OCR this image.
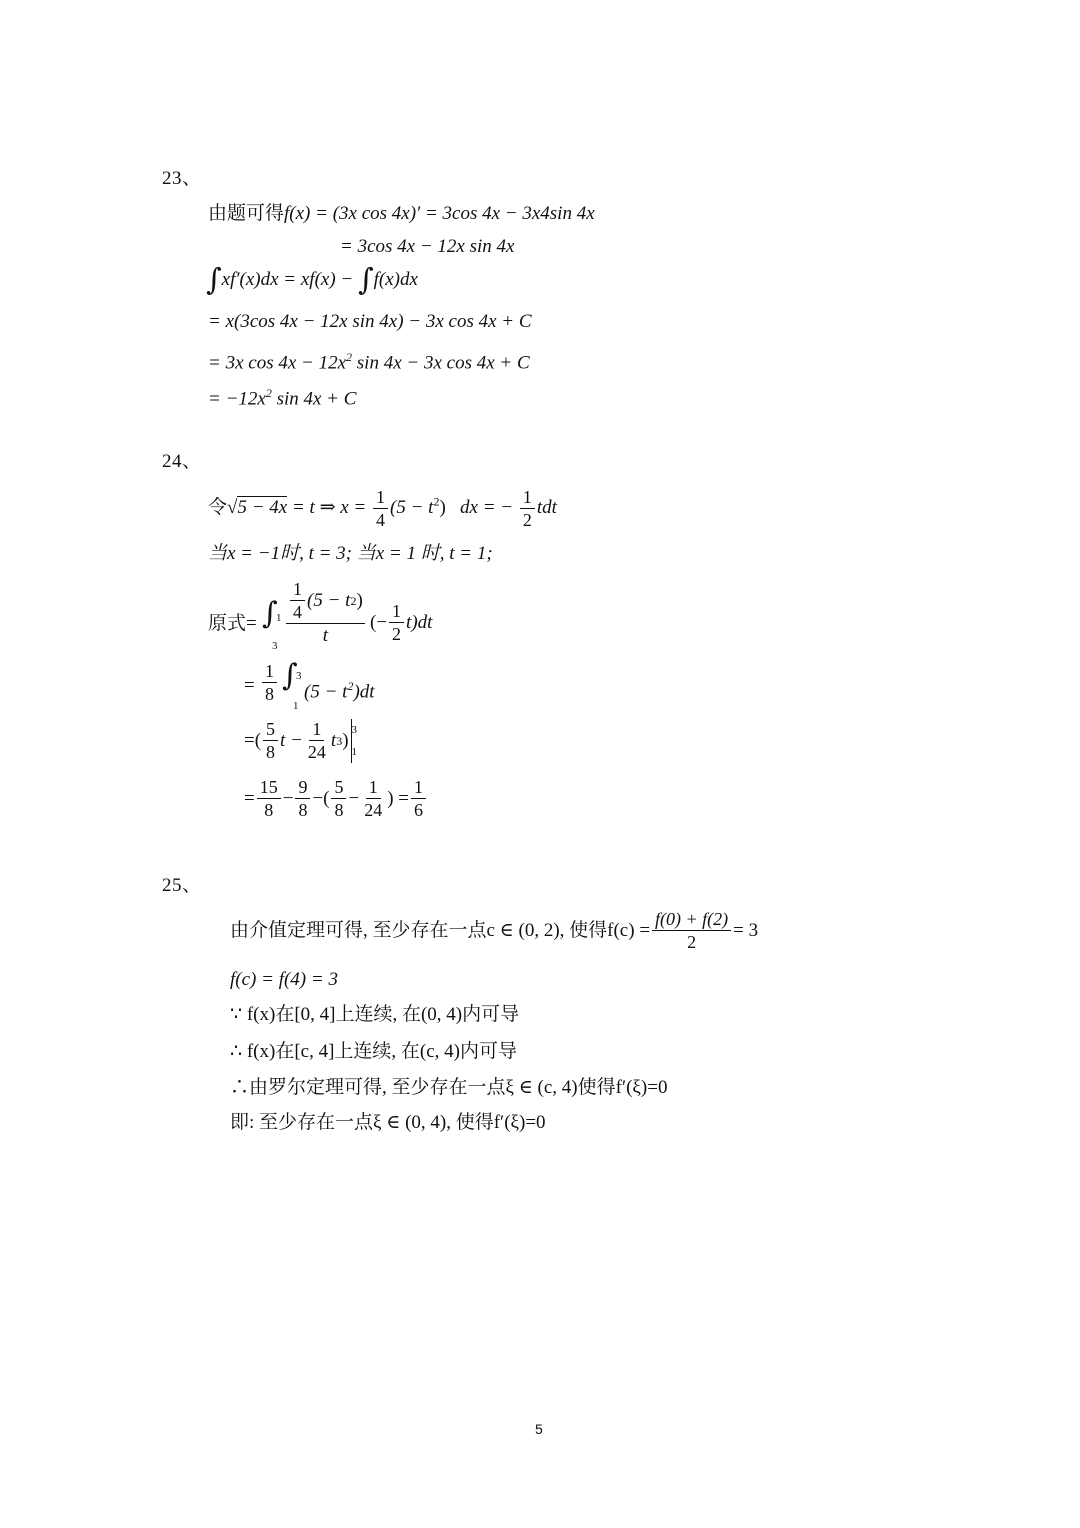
23、
由题可得f(x) = (3x cos 4x)′ = 3cos 4x − 3x4sin 4x
= 3cos 4x − 12x sin 4x
∫xf′(x)dx = xf(x) − ∫f(x)dx
= x(3cos 4x − 12x sin 4x) − 3x cos 4x + C
= 3x $\cos 4x - 12x^2$ sin 4x − 3x cos 4x + C
= $-12x^2$ sin 4x + C
24、
令√5 − 4x = t ⇒ $x = \frac{1}{4} (5 - t^2)$ dx = − $\frac{1}{2}$ tdt
当x = −1时, t = 3; 当x = 1 时, t = 1;
原式= ∫
1
3
$\frac{1}{4} (5 - t$ 2 )
t
(− $\frac{1}{2} t)dt$
= $\frac{1}{8}$ ∫
3
1
$(5 - t^2)dt$
=( $\frac{5}{8}$ $t - \frac{1}{24}$ t 3 ) 3
1
= $\frac{15}{8} - \frac{9}{8}$ −( $\frac{5}{8} - \frac{1}{24}$ ) = $\frac{1}{6}$
25、
由介值定理可得, 至少存在一点c ∈ (0, 2), 使得$f(c) = \frac{f(0) + f(2)}{2} = 3$
f(c) = f(4) = 3
∵ f(x)在[0, 4]上连续, 在(0, 4)内可导
∴ f(x)在[c, 4]上连续, 在(c, 4)内可导
∴由罗尔定理可得, 至少存在一点ξ ∈ (c, 4)使得f′(ξ)=0
即: 至少存在一点ξ ∈ (0, 4), 使得f′(ξ)=0
5
